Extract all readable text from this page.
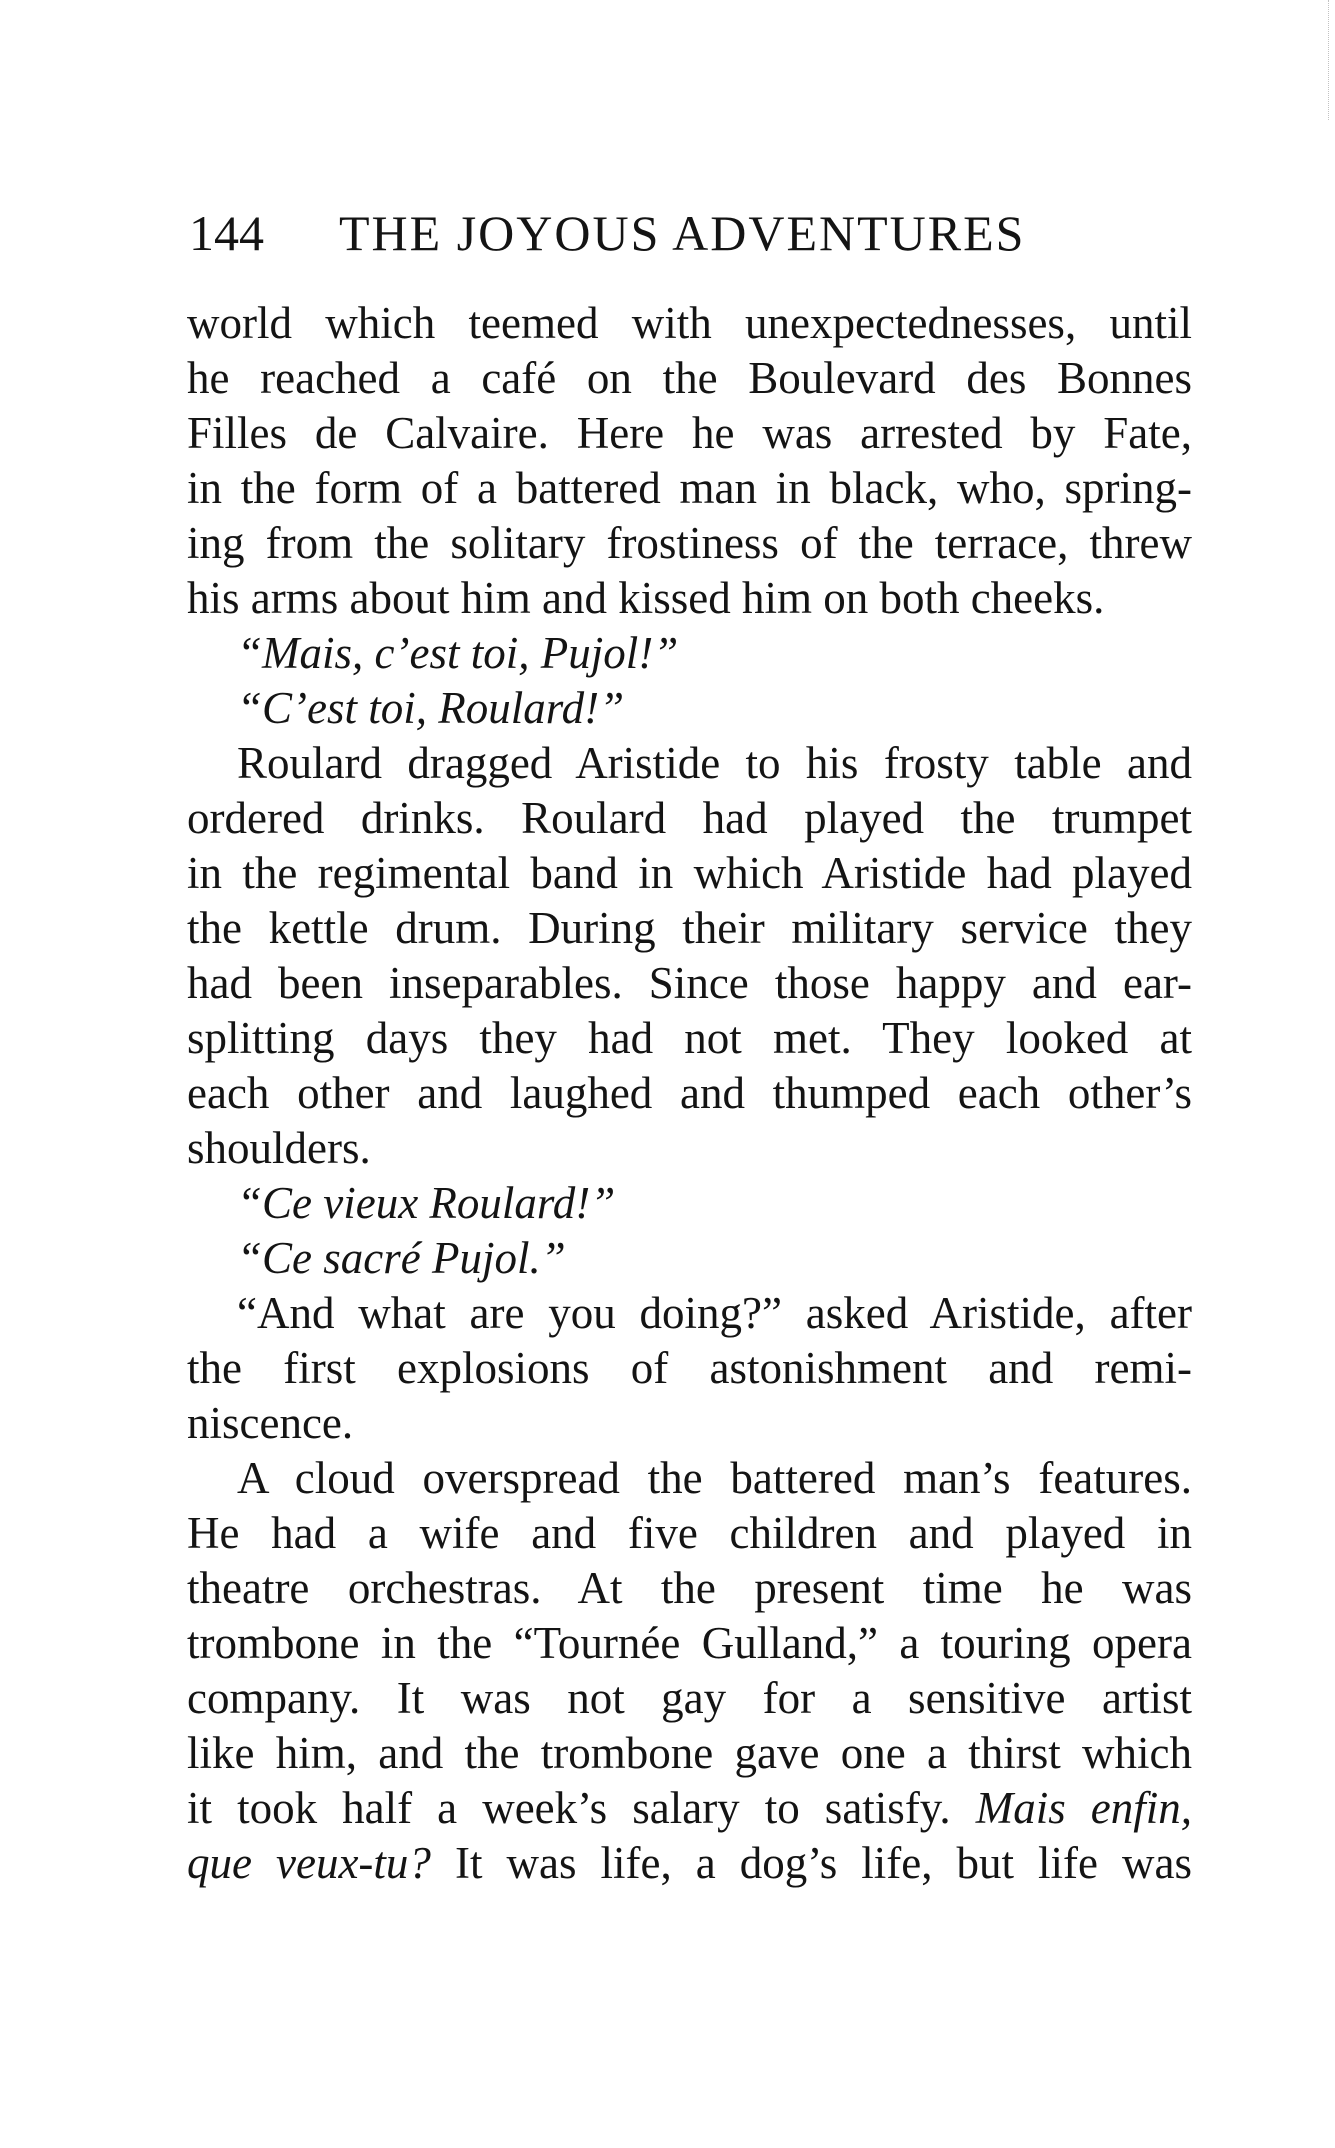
144 THE JOYOUS ADVENTURES
world which teemed with unexpectednesses, until
he reached a café on the Boulevard des Bonnes
Filles de Calvaire. Here he was arrested by Fate,
in the form of a battered man in black, who, spring-
ing from the solitary frostiness of the terrace, threw
his arms about him and kissed him on both cheeks.
“Mais, c’est toi, Pujol!”
“C’est toi, Roulard!”
Roulard dragged Aristide to his frosty table and
ordered drinks. Roulard had played the trumpet
in the regimental band in which Aristide had played
the kettle drum. During their military service they
had been inseparables. Since those happy and ear-
splitting days they had not met. They looked at
each other and laughed and thumped each other’s
shoulders.
“Ce vieux Roulard!”
“Ce sacré Pujol.”
“And what are you doing?” asked Aristide, after
the first explosions of astonishment and remi-
niscence.
A cloud overspread the battered man’s features.
He had a wife and five children and played in
theatre orchestras. At the present time he was
trombone in the “Tournée Gulland,” a touring opera
company. It was not gay for a sensitive artist
like him, and the trombone gave one a thirst which
it took half a week’s salary to satisfy. Mais enfin,
que veux-tu? It was life, a dog’s life, but life was
